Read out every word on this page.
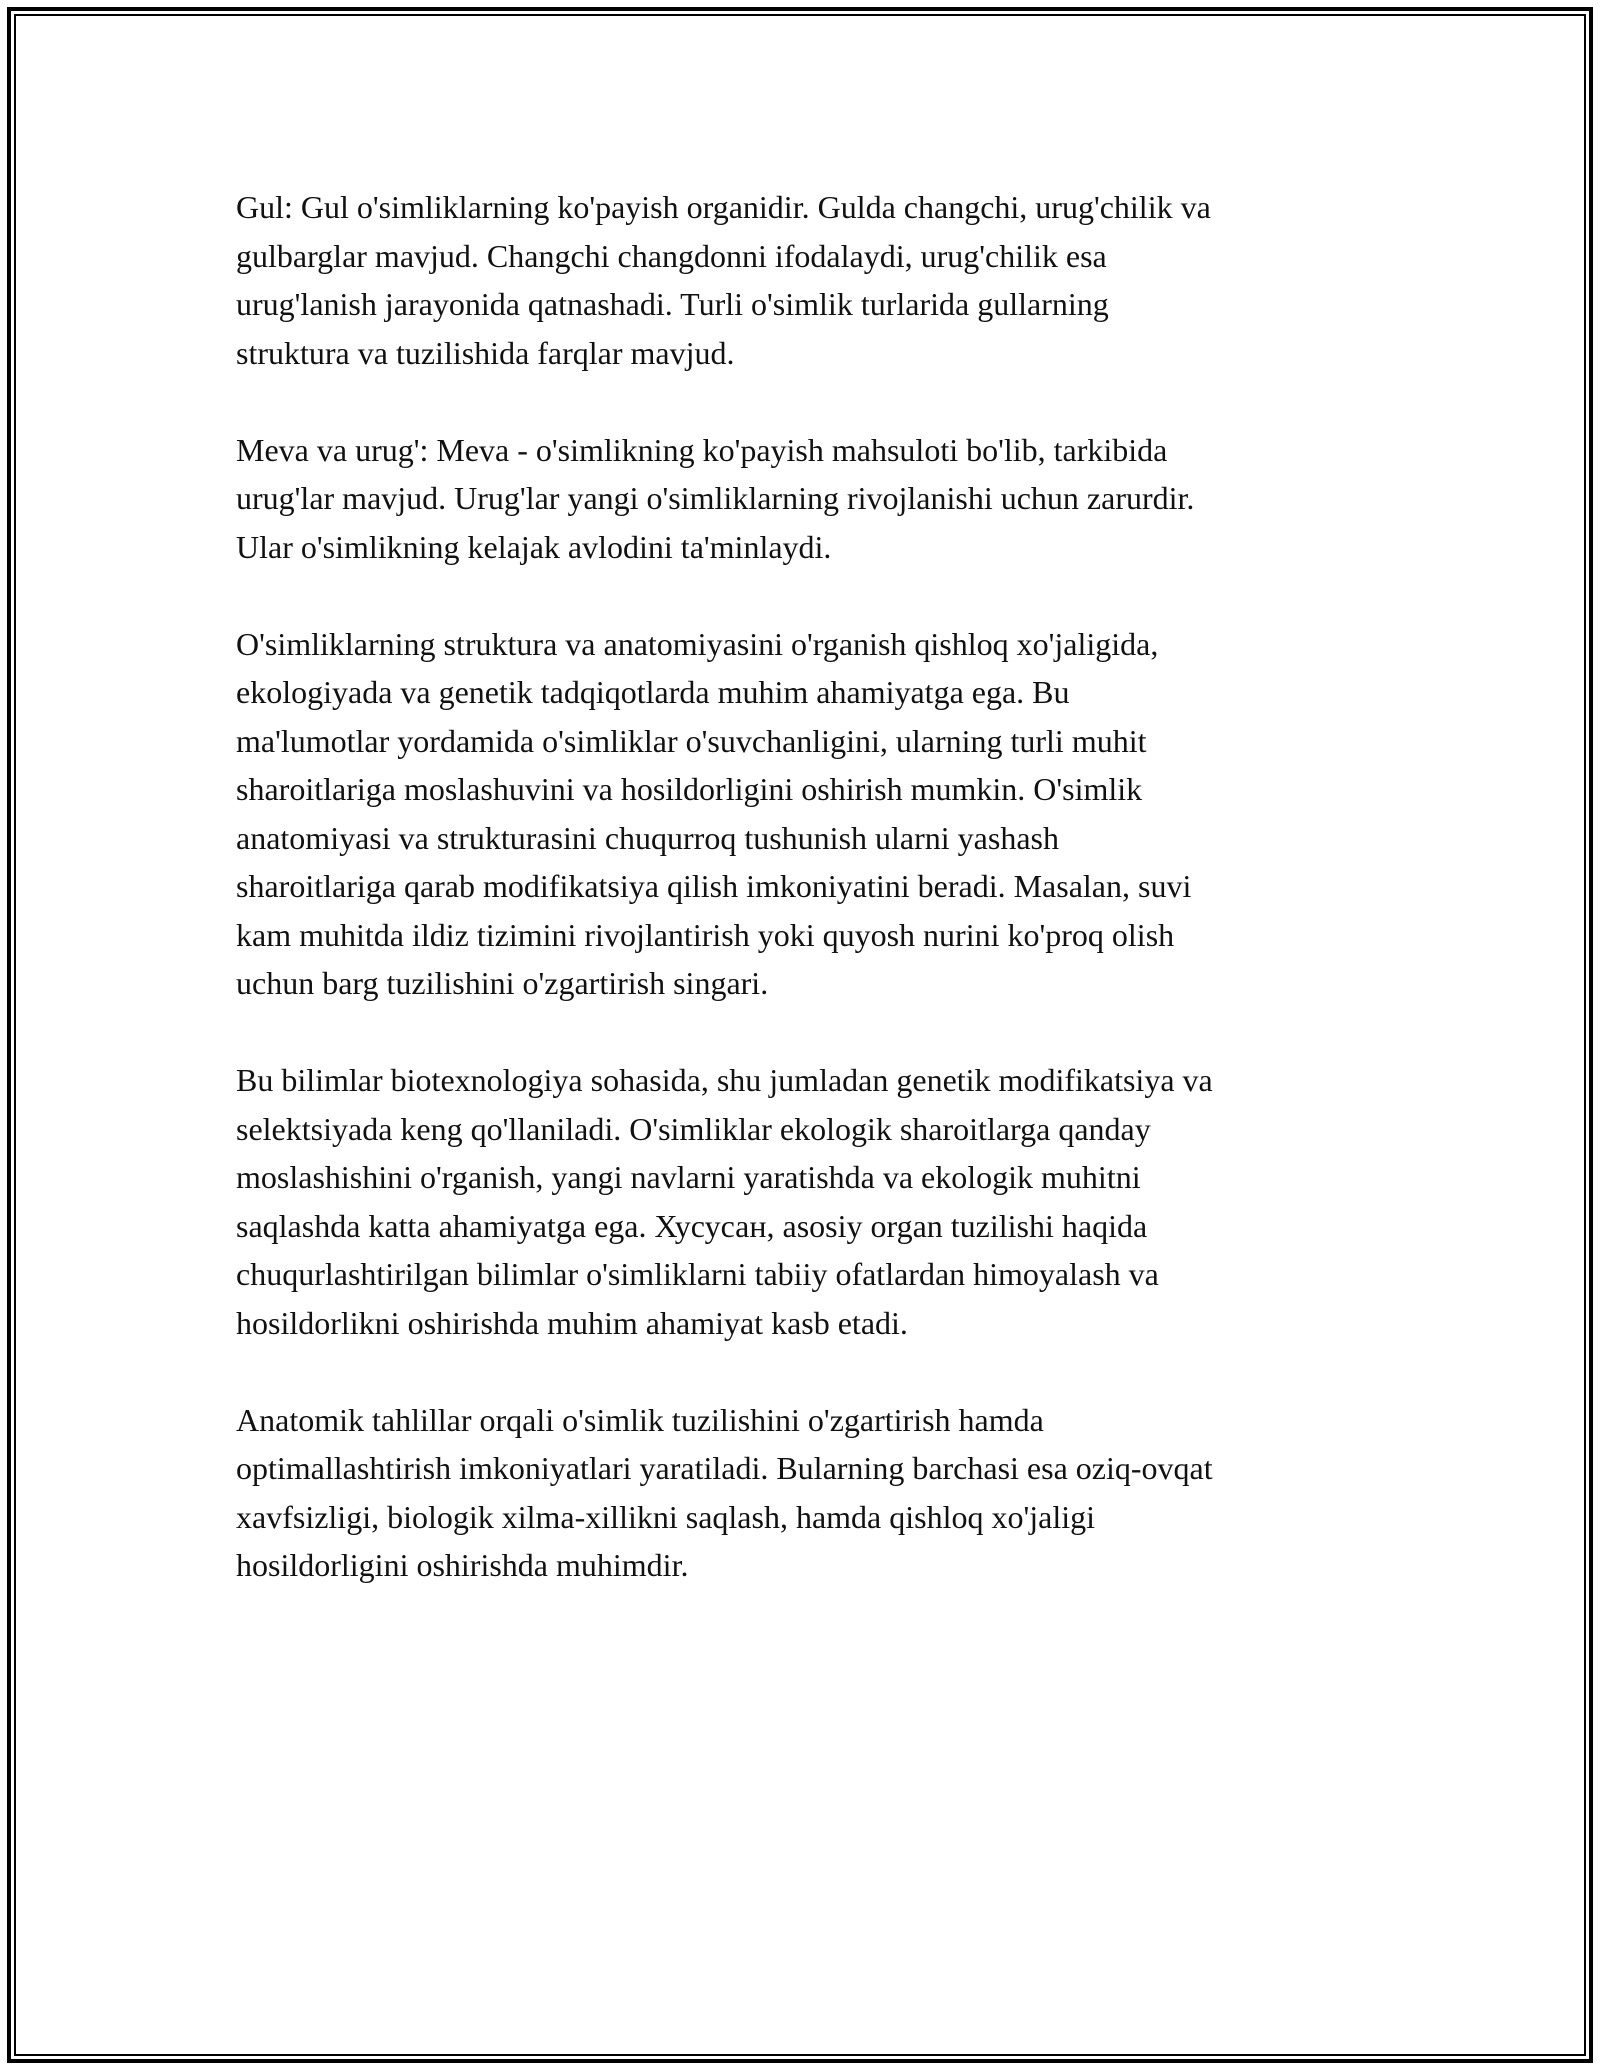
Gul: Gul o'simliklarning ko'payish organidir. Gulda changchi, urug'chilik va
gulbarglar mavjud. Changchi changdonni ifodalaydi, urug'chilik esa
urug'lanish jarayonida qatnashadi. Turli o'simlik turlarida gullarning
struktura va tuzilishida farqlar mavjud.

Meva va urug': Meva - o'simlikning ko'payish mahsuloti bo'lib, tarkibida
urug'lar mavjud. Urug'lar yangi o'simliklarning rivojlanishi uchun zarurdir.
Ular o'simlikning kelajak avlodini ta'minlaydi.

O'simliklarning struktura va anatomiyasini o'rganish qishloq xo'jaligida,
ekologiyada va genetik tadqiqotlarda muhim ahamiyatga ega. Bu
ma'lumotlar yordamida o'simliklar o'suvchanligini, ularning turli muhit
sharoitlariga moslashuvini va hosildorligini oshirish mumkin. O'simlik
anatomiyasi va strukturasini chuqurroq tushunish ularni yashash
sharoitlariga qarab modifikatsiya qilish imkoniyatini beradi. Masalan, suvi
kam muhitda ildiz tizimini rivojlantirish yoki quyosh nurini ko'proq olish
uchun barg tuzilishini o'zgartirish singari.

Bu bilimlar biotexnologiya sohasida, shu jumladan genetik modifikatsiya va
selektsiyada keng qo'llaniladi. O'simliklar ekologik sharoitlarga qanday
moslashishini o'rganish, yangi navlarni yaratishda va ekologik muhitni
saqlashda katta ahamiyatga ega. Хусусан, asosiy organ tuzilishi haqida
chuqurlashtirilgan bilimlar o'simliklarni tabiiy ofatlardan himoyalash va
hosildorlikni oshirishda muhim ahamiyat kasb etadi.

Anatomik tahlillar orqali o'simlik tuzilishini o'zgartirish hamda
optimallashtirish imkoniyatlari yaratiladi. Bularning barchasi esa oziq-ovqat
xavfsizligi, biologik xilma-xillikni saqlash, hamda qishloq xo'jaligi
hosildorligini oshirishda muhimdir.
